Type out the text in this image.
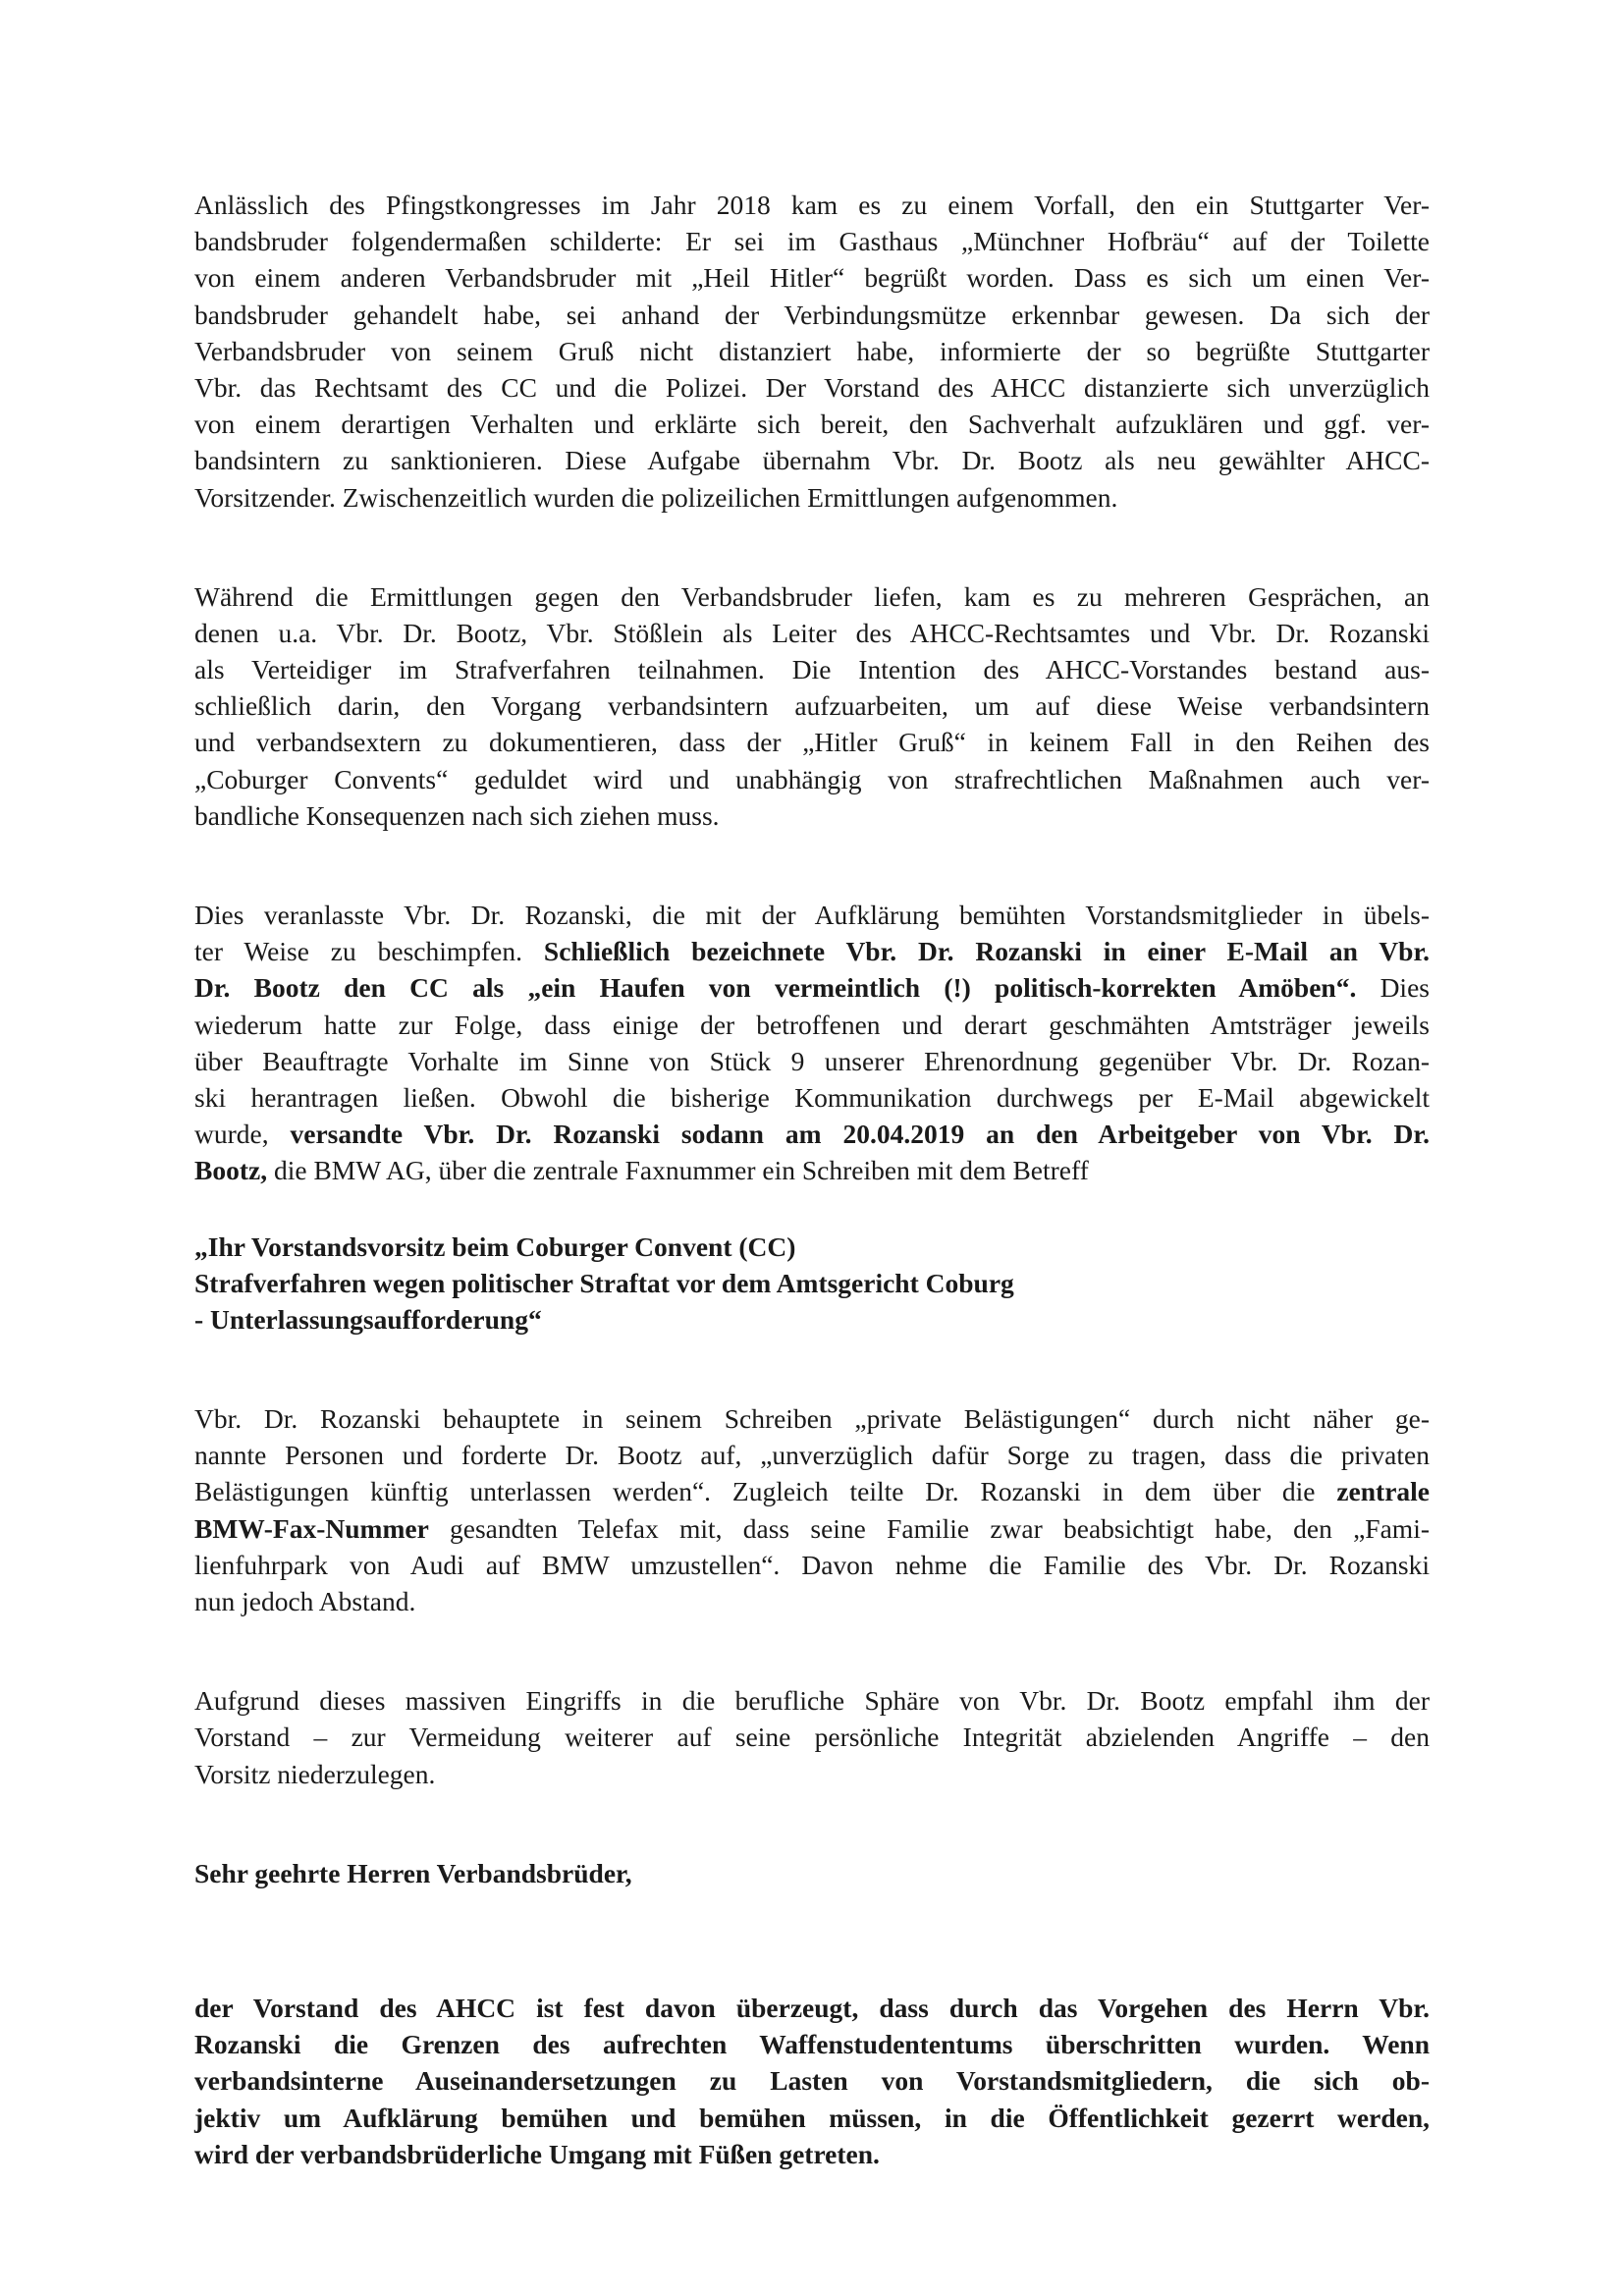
Anlässlich des Pfingstkongresses im Jahr 2018 kam es zu einem Vorfall, den ein Stuttgarter Ver-
bandsbruder folgendermaßen schilderte: Er sei im Gasthaus „Münchner Hofbräu“ auf der Toilette
von einem anderen Verbandsbruder mit „Heil Hitler“ begrüßt worden. Dass es sich um einen Ver-
bandsbruder gehandelt habe, sei anhand der Verbindungsmütze erkennbar gewesen. Da sich der
Verbandsbruder von seinem Gruß nicht distanziert habe, informierte der so begrüßte Stuttgarter
Vbr. das Rechtsamt des CC und die Polizei. Der Vorstand des AHCC distanzierte sich unverzüglich
von einem derartigen Verhalten und erklärte sich bereit, den Sachverhalt aufzuklären und ggf. ver-
bandsintern zu sanktionieren. Diese Aufgabe übernahm Vbr. Dr. Bootz als neu gewählter AHCC-
Vorsitzender. Zwischenzeitlich wurden die polizeilichen Ermittlungen aufgenommen.
Während die Ermittlungen gegen den Verbandsbruder liefen, kam es zu mehreren Gesprächen, an
denen u.a. Vbr. Dr. Bootz, Vbr. Stößlein als Leiter des AHCC-Rechtsamtes und Vbr. Dr. Rozanski
als Verteidiger im Strafverfahren teilnahmen. Die Intention des AHCC-Vorstandes bestand aus-
schließlich darin, den Vorgang verbandsintern aufzuarbeiten, um auf diese Weise verbandsintern
und verbandsextern zu dokumentieren, dass der „Hitler Gruß“ in keinem Fall in den Reihen des
„Coburger Convents“ geduldet wird und unabhängig von strafrechtlichen Maßnahmen auch ver-
bandliche Konsequenzen nach sich ziehen muss.
Dies veranlasste Vbr. Dr. Rozanski, die mit der Aufklärung bemühten Vorstandsmitglieder in übels-
ter Weise zu beschimpfen. Schließlich bezeichnete Vbr. Dr. Rozanski in einer E-Mail an Vbr.
Dr. Bootz den CC als „ein Haufen von vermeintlich (!) politisch-korrekten Amöben“. Dies
wiederum hatte zur Folge, dass einige der betroffenen und derart geschmähten Amtsträger jeweils
über Beauftragte Vorhalte im Sinne von Stück 9 unserer Ehrenordnung gegenüber Vbr. Dr. Rozan-
ski herantragen ließen. Obwohl die bisherige Kommunikation durchwegs per E-Mail abgewickelt
wurde, versandte Vbr. Dr. Rozanski sodann am 20.04.2019 an den Arbeitgeber von Vbr. Dr.
Bootz, die BMW AG, über die zentrale Faxnummer ein Schreiben mit dem Betreff
„Ihr Vorstandsvorsitz beim Coburger Convent (CC)
Strafverfahren wegen politischer Straftat vor dem Amtsgericht Coburg
- Unterlassungsaufforderung“
Vbr. Dr. Rozanski behauptete in seinem Schreiben „private Belästigungen“ durch nicht näher ge-
nannte Personen und forderte Dr. Bootz auf, „unverzüglich dafür Sorge zu tragen, dass die privaten
Belästigungen künftig unterlassen werden“. Zugleich teilte Dr. Rozanski in dem über die zentrale
BMW-Fax-Nummer gesandten Telefax mit, dass seine Familie zwar beabsichtigt habe, den „Fami-
lienfuhrpark von Audi auf BMW umzustellen“. Davon nehme die Familie des Vbr. Dr. Rozanski
nun jedoch Abstand.
Aufgrund dieses massiven Eingriffs in die berufliche Sphäre von Vbr. Dr. Bootz empfahl ihm der
Vorstand – zur Vermeidung weiterer auf seine persönliche Integrität abzielenden Angriffe – den
Vorsitz niederzulegen.
Sehr geehrte Herren Verbandsbrüder,
der Vorstand des AHCC ist fest davon überzeugt, dass durch das Vorgehen des Herrn Vbr.
Rozanski die Grenzen des aufrechten Waffenstudententums überschritten wurden. Wenn
verbandsinterne Auseinandersetzungen zu Lasten von Vorstandsmitgliedern, die sich ob-
jektiv um Aufklärung bemühen und bemühen müssen, in die Öffentlichkeit gezerrt werden,
wird der verbandsbrüderliche Umgang mit Füßen getreten.
